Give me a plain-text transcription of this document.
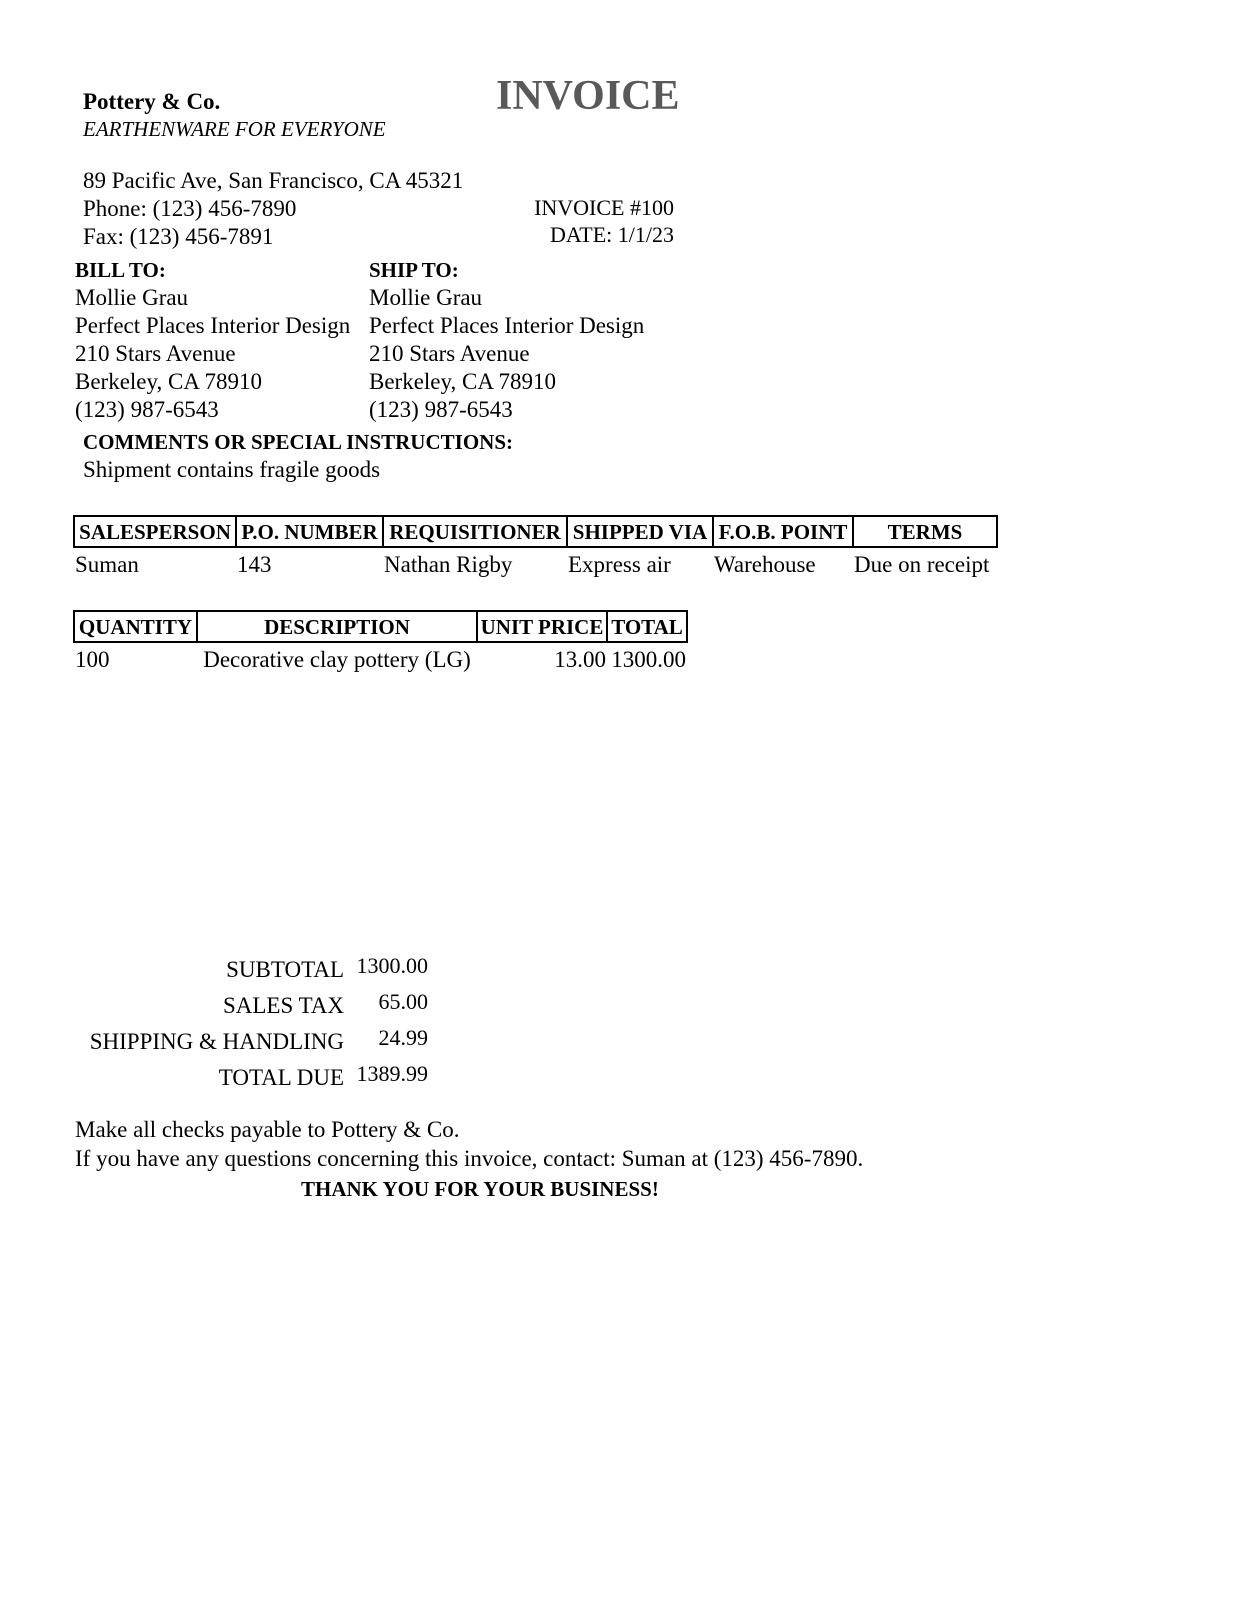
Pottery & Co.
EARTHENWARE FOR EVERYONE
INVOICE
89 Pacific Ave, San Francisco, CA 45321
Phone: (123) 456-7890
Fax: (123) 456-7891
INVOICE #100
DATE: 1/1/23
BILL TO:
Mollie Grau
Perfect Places Interior Design
210 Stars Avenue
Berkeley, CA 78910
(123) 987-6543
SHIP TO:
Mollie Grau
Perfect Places Interior Design
210 Stars Avenue
Berkeley, CA 78910
(123) 987-6543
COMMENTS OR SPECIAL INSTRUCTIONS:
Shipment contains fragile goods
SALESPERSON	P.O. NUMBER	REQUISITIONER	SHIPPED VIA	F.O.B. POINT	TERMS
Suman	143	Nathan Rigby	Express air	Warehouse	Due on receipt
QUANTITY	DESCRIPTION	UNIT PRICE	TOTAL
100	Decorative clay pottery (LG)	13.00	1300.00
SUBTOTAL 1300.00
SALES TAX 65.00
SHIPPING & HANDLING 24.99
TOTAL DUE 1389.99
Make all checks payable to Pottery & Co.
If you have any questions concerning this invoice, contact: Suman at (123) 456-7890.
THANK YOU FOR YOUR BUSINESS!
